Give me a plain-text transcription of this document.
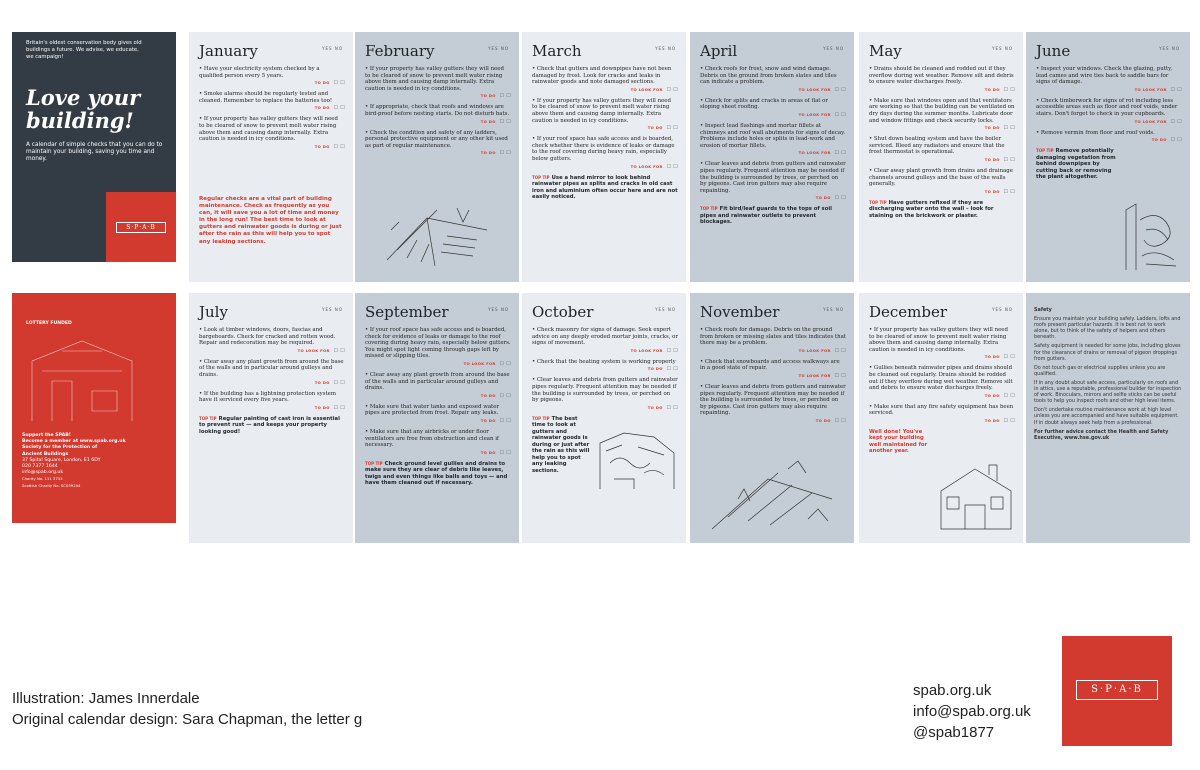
Britain's oldest conservation body gives old buildings a future. We advise, we educate, we campaign!
Love your building!
A calendar of simple checks that you can do to maintain your building, saving you time and money.
S·P·A·B
January	YES NO
• Have your electricity system checked by a qualified person every 5 years.
TO DO  ☐ ☐
• Smoke alarms should be regularly tested and cleaned. Remember to replace the batteries too!
TO DO  ☐ ☐
• If your property has valley gutters they will need to be cleared of snow to prevent melt water rising above them and causing damp internally. Extra caution is needed in icy conditions.
TO DO  ☐ ☐
Regular checks are a vital part of building maintenance. Check as frequently as you can, it will save you a lot of time and money in the long run! The best time to look at gutters and rainwater goods is during or just after the rain as this will help you to spot any leaking sections.
February	YES NO
• If your property has valley gutters they will need to be cleared of snow to prevent melt water rising above them and causing damp internally. Extra caution is needed in icy conditions.
TO DO  ☐ ☐
• If appropriate, check that roofs and windows are bird-proof before nesting starts. Do not disturb bats.
TO DO  ☐ ☐
• Check the condition and safety of any ladders, personal protective equipment or any other kit used as part of regular maintenance.
TO DO  ☐ ☐
March	YES NO
• Check that gutters and downpipes have not been damaged by frost. Look for cracks and leaks in rainwater goods and note damaged sections.
TO LOOK FOR  ☐ ☐
• If your property has valley gutters they will need to be cleared of snow to prevent melt water rising above them and causing damp internally. Extra caution is needed in icy conditions.
TO DO  ☐ ☐
• If your roof space has safe access and is boarded, check whether there is evidence of leaks or damage to the roof covering during heavy rain, especially below gutters.
TO LOOK FOR  ☐ ☐
TOP TIP Use a hand mirror to look behind rainwater pipes as splits and cracks in old cast iron and aluminium often occur here and are not easily noticed.
April	YES NO
• Check roofs for frost, snow and wind damage. Debris on the ground from broken slates and tiles can indicate a problem.
TO LOOK FOR  ☐ ☐
• Check for splits and cracks in areas of flat or sloping sheet roofing.
TO LOOK FOR  ☐ ☐
• Inspect lead flashings and mortar fillets at chimneys and roof wall abutments for signs of decay. Problems include holes or splits in lead-work and erosion of mortar fillets.
TO LOOK FOR  ☐ ☐
• Clear leaves and debris from gutters and rainwater pipes regularly. Frequent attention may be needed if the building is surrounded by trees, or perched on by pigeons. Cast iron gutters may also require repainting.
TO DO  ☐ ☐
TOP TIP Fit bird/leaf guards to the tops of soil pipes and rainwater outlets to prevent blockages.
May	YES NO
• Drains should be cleaned and rodded out if they overflow during wet weather. Remove silt and debris to ensure water discharges freely.
TO DO  ☐ ☐
• Make sure that windows open and that ventilators are working so that the building can be ventilated on dry days during the summer months. Lubricate door and window fittings and check security locks.
TO DO  ☐ ☐
• Shut down heating system and have the boiler serviced. Bleed any radiators and ensure that the frost thermostat is operational.
TO DO  ☐ ☐
• Clear away plant growth from drains and drainage channels around gulleys and the base of the walls generally.
TO DO  ☐ ☐
TOP TIP Have gutters refixed if they are discharging water onto the wall – look for staining on the brickwork or plaster.
June	YES NO
• Inspect your windows. Check the glazing, putty, lead cames and wire ties back to saddle bars for signs of damage.
TO LOOK FOR  ☐ ☐
• Check timberwork for signs of rot including less accessible areas such as floor and roof voids, under stairs. Don't forget to check in your cupboards.
TO LOOK FOR  ☐ ☐
• Remove vermin from floor and roof voids.
TO DO  ☐ ☐
TOP TIP Remove potentially damaging vegetation from behind downpipes by cutting back or removing the plant altogether.
LOTTERY FUNDED
Support the SPAB!
Become a member at www.spab.org.uk
Society for the Protection of Ancient Buildings
37 Spital Square, London, E1 6DY
020 7377 1644
info@spab.org.uk
Charity No. 111 3753
Scottish Charity No. SC039244
July	YES NO
• Look at timber windows, doors, fascias and bargeboards. Check for cracked and rotten wood. Repair and redecoration may be required.
TO LOOK FOR  ☐ ☐
• Clear away any plant growth from around the base of the walls and in particular around gulleys and drains.
TO DO  ☐ ☐
• If the building has a lightning protection system have it serviced every five years.
TO DO  ☐ ☐
TOP TIP Regular painting of cast iron is essential to prevent rust — and keeps your property looking good!
September	YES NO
• If your roof space has safe access and is boarded, check for evidence of leaks or damage to the roof covering during heavy rain, especially below gutters. You might spot light coming through gaps left by missed or slipping tiles.
TO LOOK FOR  ☐ ☐
• Clear away any plant growth from around the base of the walls and in particular around gulleys and drains.
TO DO  ☐ ☐
• Make sure that water tanks and exposed water pipes are protected from frost. Repair any leaks.
TO DO  ☐ ☐
• Make sure that any airbricks or under floor ventilators are free from obstruction and clean if necessary.
TO DO  ☐ ☐
TOP TIP Check ground level gullies and drains to make sure they are clear of debris like leaves, twigs and even things like balls and toys — and have them cleaned out if necessary.
October	YES NO
• Check masonry for signs of damage. Seek expert advice on any deeply eroded mortar joints, cracks, or signs of movement.
TO LOOK FOR  ☐ ☐
• Check that the heating system is working properly
TO DO  ☐ ☐
• Clear leaves and debris from gutters and rainwater pipes regularly. Frequent attention may be needed if the building is surrounded by trees, or perched on by pigeons.
TO DO  ☐ ☐
TOP TIP The best time to look at gutters and rainwater goods is during or just after the rain as this will help you to spot any leaking sections.
November	YES NO
• Check roofs for damage. Debris on the ground from broken or missing slates and tiles indicates that there may be a problem.
TO LOOK FOR  ☐ ☐
• Check that snowboards and access walkways are in a good state of repair.
TO LOOK FOR  ☐ ☐
• Clear leaves and debris from gutters and rainwater pipes regularly. Frequent attention may be needed if the building is surrounded by trees, or perched on by pigeons. Cast iron gutters may also require repainting.
TO DO  ☐ ☐
December	YES NO
• If your property has valley gutters they will need to be cleared of snow to prevent melt water rising above them and causing damp internally. Extra caution is needed in icy conditions.
TO DO  ☐ ☐
• Gullies beneath rainwater pipes and drains should be cleaned out regularly. Drains should be rodded out if they overflow during wet weather. Remove silt and debris to ensure water discharges freely.
TO DO  ☐ ☐
• Make sure that any fire safety equipment has been serviced.
TO DO  ☐ ☐
Well done! You've kept your building well maintained for another year.

Safety

Ensure you maintain your building safely. Ladders, lofts and roofs present particular hazards. It is best not to work alone, but to think of the safety of helpers and others beneath.

Safety equipment is needed for some jobs, including gloves for the clearance of drains or removal of pigeon droppings from gutters.

Do not touch gas or electrical supplies unless you are qualified.

If in any doubt about safe access, particularly on roofs and in attics, use a reputable, professional builder for inspection of work. Binoculars, mirrors and selfie sticks can be useful tools to help you inspect roofs and other high level items.

Don't undertake routine maintenance work at high level unless you are accompanied and have suitable equipment. If in doubt always seek help from a professional.

For further advice contact the Health and Safety Executive, www.hse.gov.uk

Illustration: James Innerdale
Original calendar design: Sara Chapman, the letter g
spab.org.uk
info@spab.org.uk
@spab1877
S·P·A·B
